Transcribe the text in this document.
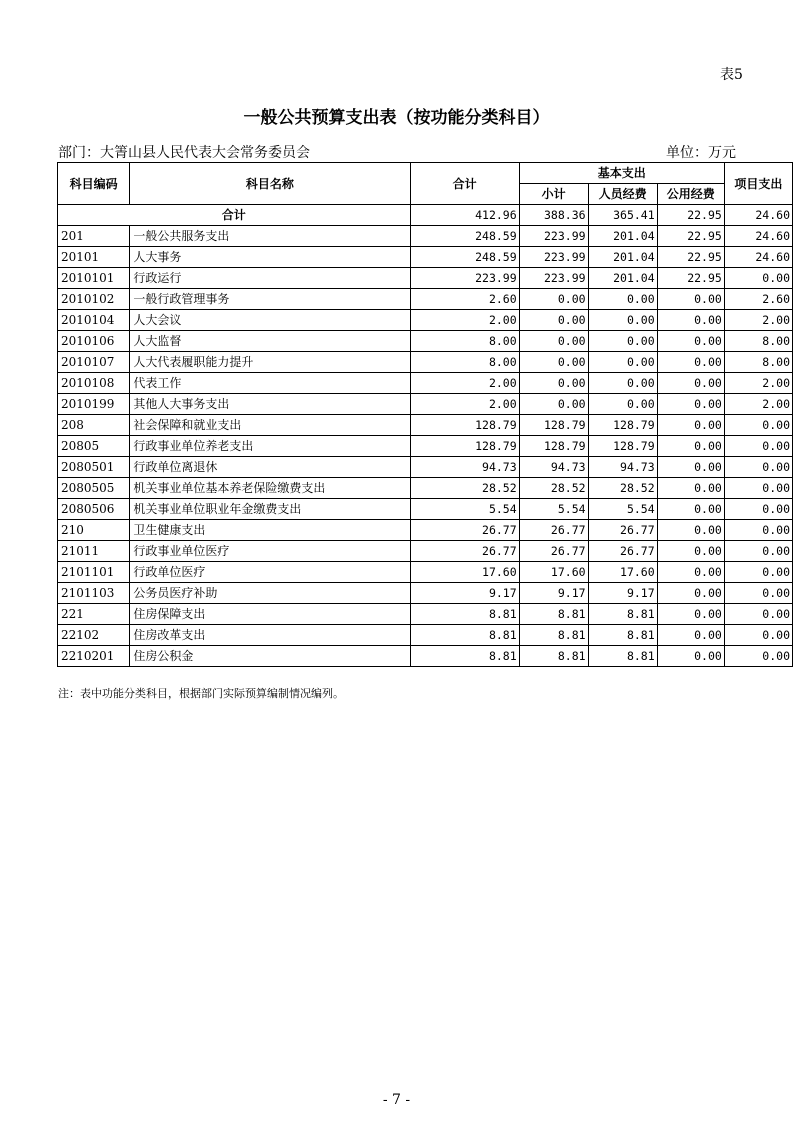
表5
一般公共预算支出表（按功能分类科目）
部门：大箐山县人民代表大会常务委员会	单位：万元
科目编码	科目名称	合计	基本支出			项目支出
			小计	人员经费	公用经费	
合计		412.96	388.36	365.41	22.95	24.60
201	一般公共服务支出	248.59	223.99	201.04	22.95	24.60
20101	人大事务	248.59	223.99	201.04	22.95	24.60
2010101	行政运行	223.99	223.99	201.04	22.95	0.00
2010102	一般行政管理事务	2.60	0.00	0.00	0.00	2.60
2010104	人大会议	2.00	0.00	0.00	0.00	2.00
2010106	人大监督	8.00	0.00	0.00	0.00	8.00
2010107	人大代表履职能力提升	8.00	0.00	0.00	0.00	8.00
2010108	代表工作	2.00	0.00	0.00	0.00	2.00
2010199	其他人大事务支出	2.00	0.00	0.00	0.00	2.00
208	社会保障和就业支出	128.79	128.79	128.79	0.00	0.00
20805	行政事业单位养老支出	128.79	128.79	128.79	0.00	0.00
2080501	行政单位离退休	94.73	94.73	94.73	0.00	0.00
2080505	机关事业单位基本养老保险缴费支出	28.52	28.52	28.52	0.00	0.00
2080506	机关事业单位职业年金缴费支出	5.54	5.54	5.54	0.00	0.00
210	卫生健康支出	26.77	26.77	26.77	0.00	0.00
21011	行政事业单位医疗	26.77	26.77	26.77	0.00	0.00
2101101	行政单位医疗	17.60	17.60	17.60	0.00	0.00
2101103	公务员医疗补助	9.17	9.17	9.17	0.00	0.00
221	住房保障支出	8.81	8.81	8.81	0.00	0.00
22102	住房改革支出	8.81	8.81	8.81	0.00	0.00
2210201	住房公积金	8.81	8.81	8.81	0.00	0.00
注：表中功能分类科目，根据部门实际预算编制情况编列。
- 7 -
